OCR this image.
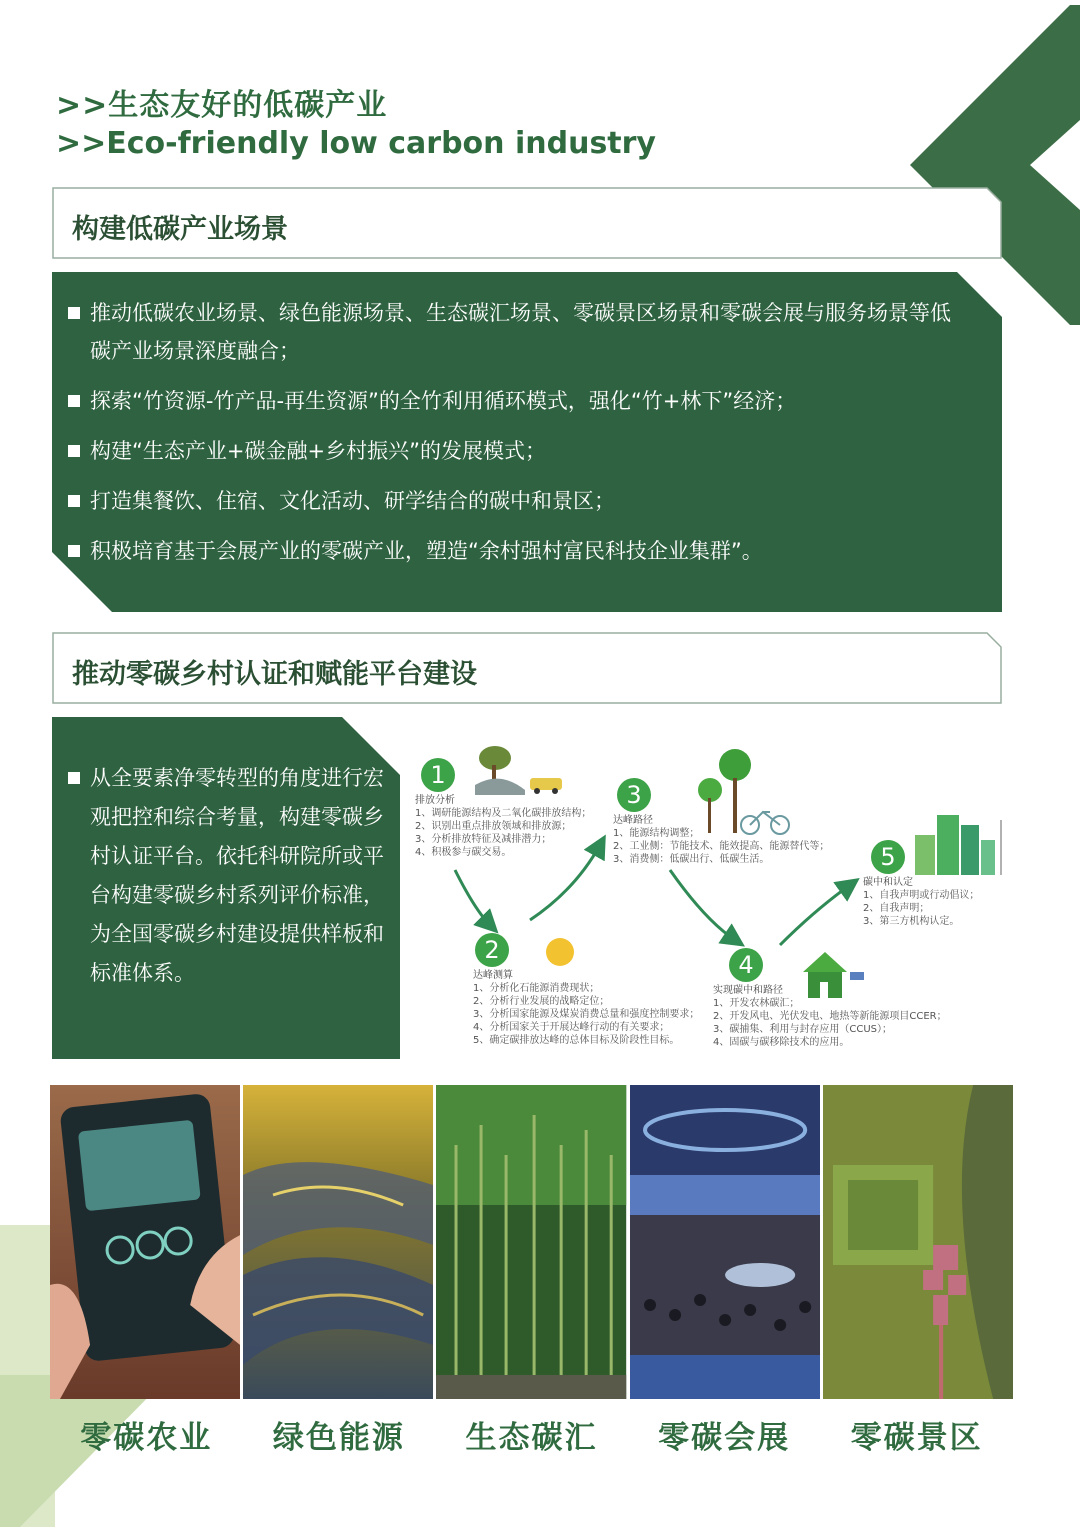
>>生态友好的低碳产业
>>Eco-friendly low carbon industry
构建低碳产业场景
推动低碳农业场景、绿色能源场景、生态碳汇场景、零碳景区场景和零碳会展与服务场景等低碳产业场景深度融合；
探索“竹资源-竹产品-再生资源”的全竹利用循环模式，强化“竹+林下”经济；
构建“生态产业+碳金融+乡村振兴”的发展模式；
打造集餐饮、住宿、文化活动、研学结合的碳中和景区；
积极培育基于会展产业的零碳产业，塑造“余村强村富民科技企业集群”。
推动零碳乡村认证和赋能平台建设
从全要素净零转型的角度进行宏观把控和综合考量，构建零碳乡村认证平台。依托科研院所或平台构建零碳乡村系列评价标准，为全国零碳乡村建设提供样板和标准体系。
1
排放分析
1、调研能源结构及二氧化碳排放结构；
2、识别出重点排放领域和排放源；
3、分析排放特征及减排潜力；
4、积极参与碳交易。
2
达峰测算
1、分析化石能源消费现状；
2、分析行业发展的战略定位；
3、分析国家能源及煤炭消费总量和强度控制要求；
4、分析国家关于开展达峰行动的有关要求；
5、确定碳排放达峰的总体目标及阶段性目标。
3
达峰路径
1、能源结构调整；
2、工业侧：节能技术、能效提高、能源替代等；
3、消费侧：低碳出行、低碳生活。
4
实现碳中和路径
1、开发农林碳汇；
2、开发风电、光伏发电、地热等新能源项目CCER；
3、碳捕集、利用与封存应用（CCUS）；
4、固碳与碳移除技术的应用。
5
碳中和认定
1、自我声明或行动倡议；
2、自我声明；
3、第三方机构认定。
零碳农业	绿色能源	生态碳汇	零碳会展	零碳景区
